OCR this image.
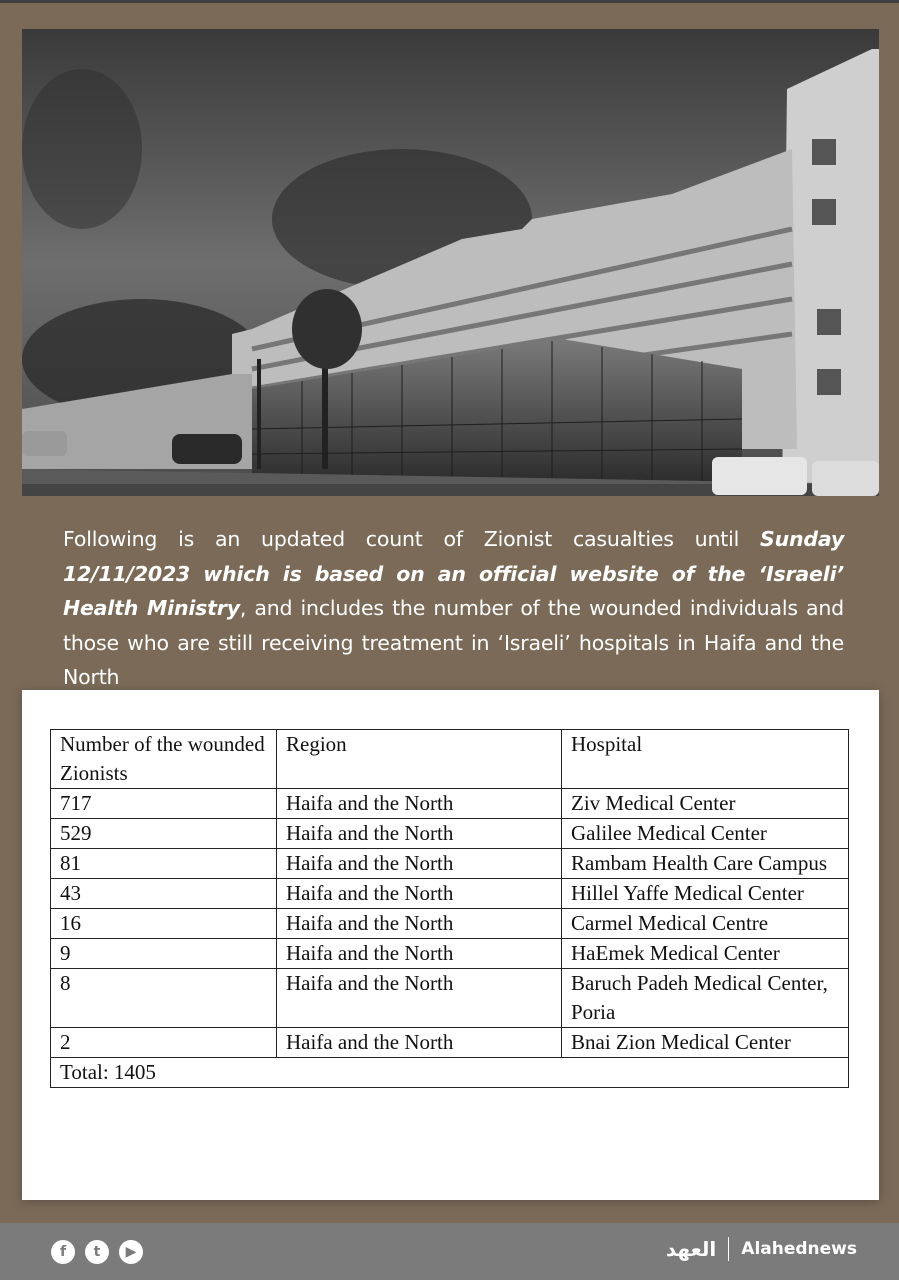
Following is an updated count of Zionist casualties until Sunday 12/11/2023 which is based on an official website of the ‘Israeli’ Health Ministry, and includes the number of the wounded individuals and those who are still receiving treatment in ‘Israeli’ hospitals in Haifa and the North
Number of the wounded Zionists	Region	Hospital
717	Haifa and the North	Ziv Medical Center
529	Haifa and the North	Galilee Medical Center
81	Haifa and the North	Rambam Health Care Campus
43	Haifa and the North	Hillel Yaffe Medical Center
16	Haifa and the North	Carmel Medical Centre
9	Haifa and the North	HaEmek Medical Center
8	Haifa and the North	Baruch Padeh Medical Center, Poria
2	Haifa and the North	Bnai Zion Medical Center
Total: 1405		
f	t	▶	العهد Alahednews
